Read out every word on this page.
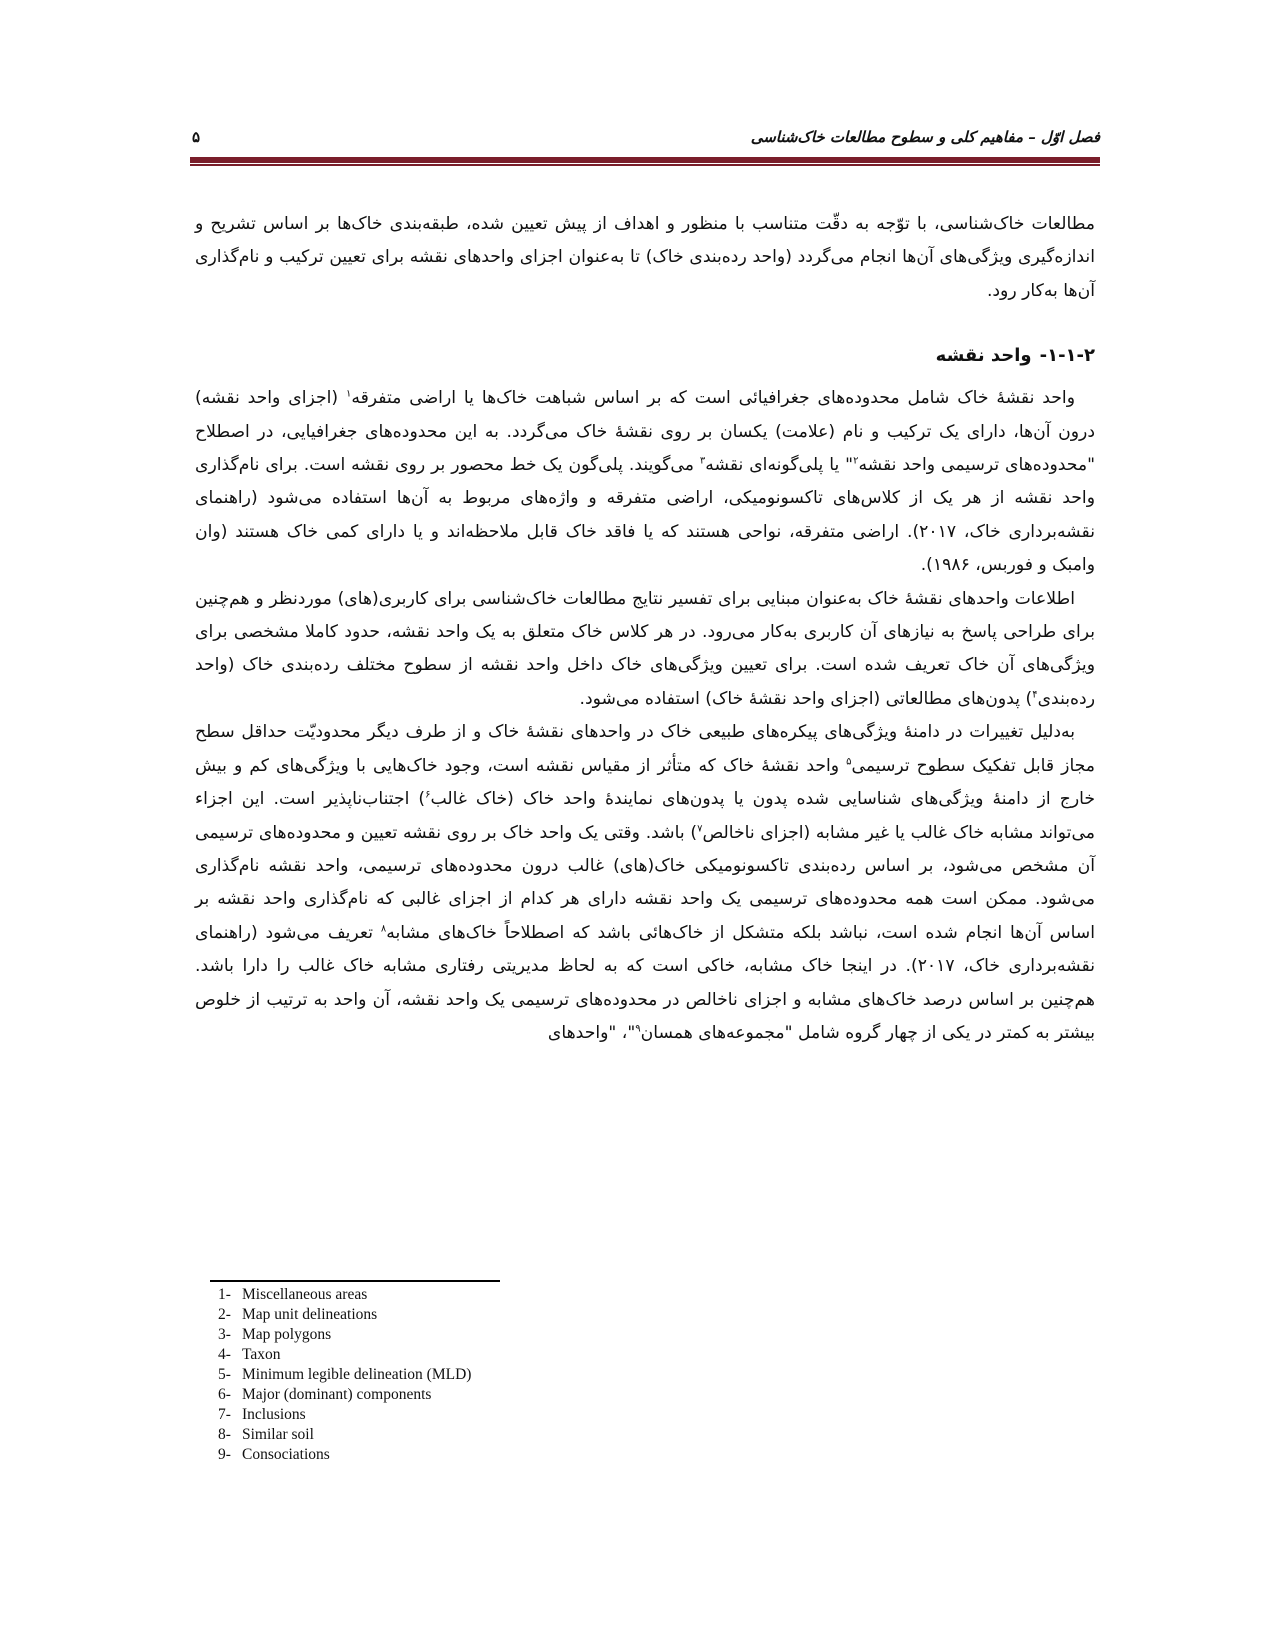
فصل اوّل – مفاهیم کلی و سطوح مطالعات خاک‌شناسی
۵

مطالعات خاک‌شناسی، با توّجه به دقّت متناسب با منظور و اهداف از پیش تعیین شده، طبقه‌بندی خاک‌ها بر اساس تشریح و اندازه‌گیری ویژگی‌های آن‌ها انجام می‌گردد (واحد رده‌بندی خاک) تا به‌عنوان اجزای واحدهای نقشه برای تعیین ترکیب و نام‌گذاری آن‌ها به‌کار رود.

۱-۱-۲-واحد نقشه

واحد نقشهٔ خاک شامل محدوده‌های جغرافیائی است که بر اساس شباهت خاک‌ها یا اراضی متفرقه$^۱$ (اجزای واحد نقشه) درون آن‌ها، دارای یک ترکیب و نام (علامت) یکسان بر روی نقشهٔ خاک می‌گردد. به این محدوده‌های جغرافیایی، در اصطلاح "محدوده‌های ترسیمی واحد نقشه$^۲$" یا پلی‌گونه‌ای نقشه$^۳$ می‌گویند. پلی‌گون یک خط محصور بر روی نقشه است. برای نام‌گذاری واحد نقشه از هر یک از کلاس‌های تاکسونومیکی، اراضی متفرقه و واژه‌های مربوط به آن‌ها استفاده می‌شود (راهنمای نقشه‌برداری خاک، ۲۰۱۷). اراضی متفرقه، نواحی هستند که یا فاقد خاک قابل ملاحظه‌اند و یا دارای کمی خاک هستند (وان وامبک و فوربس، ۱۹۸۶).

اطلاعات واحدهای نقشهٔ خاک به‌عنوان مبنایی برای تفسیر نتایج مطالعات خاک‌شناسی برای کاربری(های) موردنظر و هم‌چنین برای طراحی پاسخ به نیازهای آن کاربری به‌کار می‌رود. در هر کلاس خاک متعلق به یک واحد نقشه، حدود کاملا مشخصی برای ویژگی‌های آن خاک تعریف شده است. برای تعیین ویژگی‌های خاک داخل واحد نقشه از سطوح مختلف رده‌بندی خاک (واحد رده‌بندی$^۴$) پدون‌های مطالعاتی (اجزای واحد نقشهٔ خاک) استفاده می‌شود.

به‌دلیل تغییرات در دامنهٔ ویژگی‌های پیکره‌های طبیعی خاک در واحدهای نقشهٔ خاک و از طرف دیگر محدودیّت حداقل سطح مجاز قابل تفکیک سطوح ترسیمی$^۵$ واحد نقشهٔ خاک که متأثر از مقیاس نقشه است، وجود خاک‌هایی با ویژگی‌های کم و بیش خارج از دامنهٔ ویژگی‌های شناسایی شده پدون یا پدون‌های نمایندهٔ واحد خاک (خاک غالب$^۶$) اجتناب‌ناپذیر است. این اجزاء می‌تواند مشابه خاک غالب یا غیر مشابه (اجزای ناخالص$^۷$) باشد. وقتی یک واحد خاک بر روی نقشه تعیین و محدوده‌های ترسیمی آن مشخص می‌شود، بر اساس رده‌بندی تاکسونومیکی خاک(های) غالب درون محدوده‌های ترسیمی، واحد نقشه نام‌گذاری می‌شود. ممکن است همه محدوده‌های ترسیمی یک واحد نقشه دارای هر کدام از اجزای غالبی که نام‌گذاری واحد نقشه بر اساس آن‌ها انجام شده است، نباشد بلکه متشکل از خاک‌هائی باشد که اصطلاحاً خاک‌های مشابه$^۸$ تعریف می‌شود (راهنمای نقشه‌برداری خاک، ۲۰۱۷). در اینجا خاک مشابه، خاکی است که به لحاظ مدیریتی رفتاری مشابه خاک غالب را دارا باشد. هم‌چنین بر اساس درصد خاک‌های مشابه و اجزای ناخالص در محدوده‌های ترسیمی یک واحد نقشه، آن واحد به ترتیب از خلوص بیشتر به کمتر در یکی از چهار گروه شامل "مجموعه‌های همسان$^۹$"، "واحدهای

1- Miscellaneous areas
2- Map unit delineations
3- Map polygons
4- Taxon
5- Minimum legible delineation (MLD)
6- Major (dominant) components
7- Inclusions
8- Similar soil
9- Consociations
